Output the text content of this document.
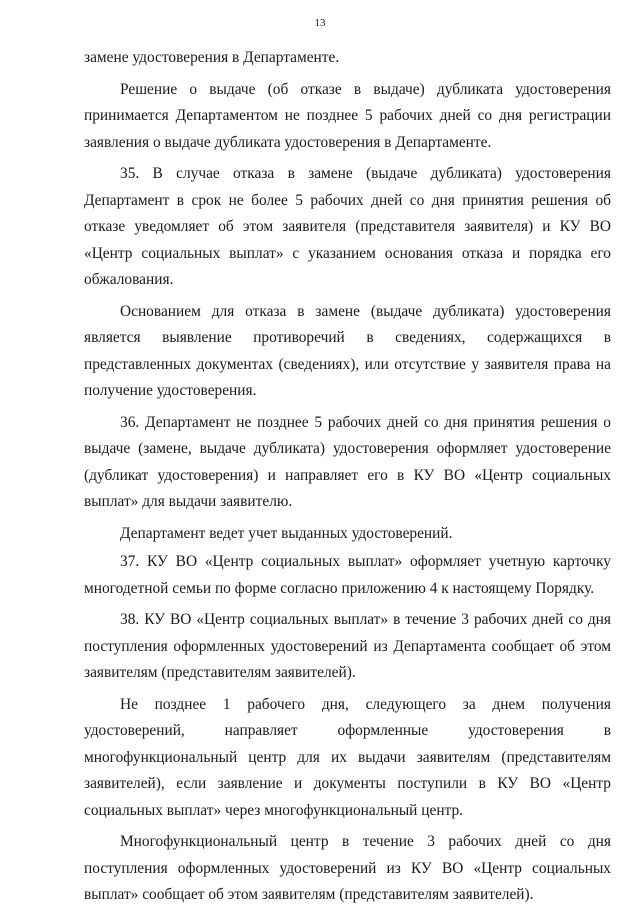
13

замене удостоверения в Департаменте.

Решение о выдаче (об отказе в выдаче) дубликата удостоверения принимается Департаментом не позднее 5 рабочих дней со дня регистрации заявления о выдаче дубликата удостоверения в Департаменте.

35. В случае отказа в замене (выдаче дубликата) удостоверения Департамент в срок не более 5 рабочих дней со дня принятия решения об отказе уведомляет об этом заявителя (представителя заявителя) и КУ ВО «Центр социальных выплат» с указанием основания отказа и порядка его обжалования.

Основанием для отказа в замене (выдаче дубликата) удостоверения является выявление противоречий в сведениях, содержащихся в представленных документах (сведениях), или отсутствие у заявителя права на получение удостоверения.

36. Департамент не позднее 5 рабочих дней со дня принятия решения о выдаче (замене, выдаче дубликата) удостоверения оформляет удостоверение (дубликат удостоверения) и направляет его в КУ ВО «Центр социальных выплат» для выдачи заявителю.

Департамент ведет учет выданных удостоверений.

37. КУ ВО «Центр социальных выплат» оформляет учетную карточку многодетной семьи по форме согласно приложению 4 к настоящему Порядку.

38. КУ ВО «Центр социальных выплат» в течение 3 рабочих дней со дня поступления оформленных удостоверений из Департамента сообщает об этом заявителям (представителям заявителей).

Не позднее 1 рабочего дня, следующего за днем получения удостоверений, направляет оформленные удостоверения в многофункциональный центр для их выдачи заявителям (представителям заявителей), если заявление и документы поступили в КУ ВО «Центр социальных выплат» через многофункциональный центр.

Многофункциональный центр в течение 3 рабочих дней со дня поступления оформленных удостоверений из КУ ВО «Центр социальных выплат» сообщает об этом заявителям (представителям заявителей).
